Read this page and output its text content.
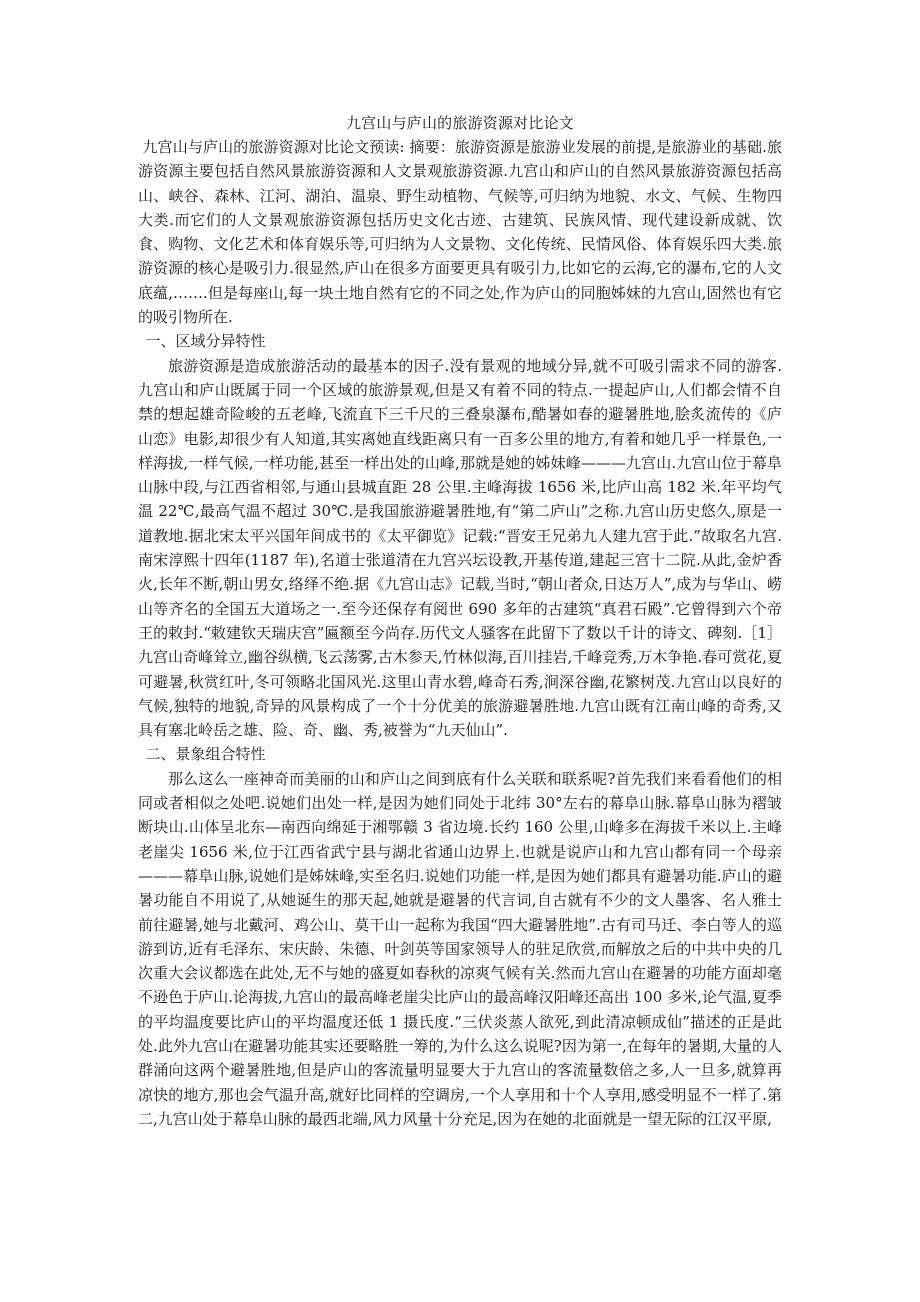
九宫山与庐山的旅游资源对比论文

九宫山与庐山的旅游资源对比论文预读: 摘要：旅游资源是旅游业发展的前提,是旅游业的基础.旅游资源主要包括自然风景旅游资源和人文景观旅游资源.九宫山和庐山的自然风景旅游资源包括高山、峡谷、森林、江河、湖泊、温泉、野生动植物、气候等,可归纳为地貌、水文、气候、生物四大类.而它们的人文景观旅游资源包括历史文化古迹、古建筑、民族风情、现代建设新成就、饮食、购物、文化艺术和体育娱乐等,可归纳为人文景物、文化传统、民情风俗、体育娱乐四大类.旅游资源的核心是吸引力.很显然,庐山在很多方面要更具有吸引力,比如它的云海,它的瀑布,它的人文底蕴,…….但是每座山,每一块土地自然有它的不同之处,作为庐山的同胞姊妹的九宫山,固然也有它的吸引物所在.

一、区域分异特性

旅游资源是造成旅游活动的最基本的因子.没有景观的地域分异,就不可吸引需求不同的游客.九宫山和庐山既属于同一个区域的旅游景观,但是又有着不同的特点.一提起庐山,人们都会情不自禁的想起雄奇险峻的五老峰,飞流直下三千尺的三叠泉瀑布,酷暑如春的避暑胜地,脍炙流传的《庐山恋》电影,却很少有人知道,其实离她直线距离只有一百多公里的地方,有着和她几乎一样景色,一样海拔,一样气候,一样功能,甚至一样出处的山峰,那就是她的姊妹峰———九宫山.九宫山位于幕阜山脉中段,与江西省相邻,与通山县城直距 28 公里.主峰海拔 1656 米,比庐山高 182 米.年平均气温 22℃,最高气温不超过 30℃.是我国旅游避暑胜地,有“第二庐山”之称.九宫山历史悠久,原是一道教地.据北宋太平兴国年间成书的《太平御览》记载:“晋安王兄弟九人建九宫于此.”故取名九宫.南宋淳熙十四年(1187 年),名道士张道清在九宫兴坛设教,开基传道,建起三宫十二院.从此,金炉香火,长年不断,朝山男女,络绎不绝.据《九宫山志》记载,当时,“朝山者众,日达万人”,成为与华山、崂山等齐名的全国五大道场之一.至今还保存有阅世 690 多年的古建筑“真君石殿”.它曾得到六个帝王的敕封.“敕建钦天瑞庆宫”匾额至今尚存.历代文人骚客在此留下了数以千计的诗文、碑刻.［1］九宫山奇峰耸立,幽谷纵横,飞云荡雾,古木参天,竹林似海,百川挂岩,千峰竞秀,万木争艳.春可赏花,夏可避暑,秋赏红叶,冬可领略北国风光.这里山青水碧,峰奇石秀,涧深谷幽,花繁树茂.九宫山以良好的气候,独特的地貌,奇异的风景构成了一个十分优美的旅游避暑胜地.九宫山既有江南山峰的奇秀,又具有塞北岭岳之雄、险、奇、幽、秀,被誉为“九天仙山”.

二、景象组合特性

那么这么一座神奇而美丽的山和庐山之间到底有什么关联和联系呢?首先我们来看看他们的相同或者相似之处吧.说她们出处一样,是因为她们同处于北纬 30°左右的幕阜山脉.幕阜山脉为褶皱断块山.山体呈北东—南西向绵延于湘鄂赣 3 省边境.长约 160 公里,山峰多在海拔千米以上.主峰老崖尖 1656 米,位于江西省武宁县与湖北省通山边界上.也就是说庐山和九宫山都有同一个母亲———幕阜山脉,说她们是姊妹峰,实至名归.说她们功能一样,是因为她们都具有避暑功能.庐山的避暑功能自不用说了,从她诞生的那天起,她就是避暑的代言词,自古就有不少的文人墨客、名人雅士前往避暑,她与北戴河、鸡公山、莫干山一起称为我国“四大避暑胜地”.古有司马迁、李白等人的巡游到访,近有毛泽东、宋庆龄、朱德、叶剑英等国家领导人的驻足欣赏,而解放之后的中共中央的几次重大会议都选在此处,无不与她的盛夏如春秋的凉爽气候有关.然而九宫山在避暑的功能方面却毫不逊色于庐山.论海拔,九宫山的最高峰老崖尖比庐山的最高峰汉阳峰还高出 100 多米,论气温,夏季的平均温度要比庐山的平均温度还低 1 摄氏度.“三伏炎蒸人欲死,到此清凉顿成仙”描述的正是此处.此外九宫山在避暑功能其实还要略胜一筹的,为什么这么说呢?因为第一,在每年的暑期,大量的人群涌向这两个避暑胜地,但是庐山的客流量明显要大于九宫山的客流量数倍之多,人一旦多,就算再凉快的地方,那也会气温升高,就好比同样的空调房,一个人享用和十个人享用,感受明显不一样了.第二,九宫山处于幕阜山脉的最西北端,风力风量十分充足,因为在她的北面就是一望无际的江汉平原,
